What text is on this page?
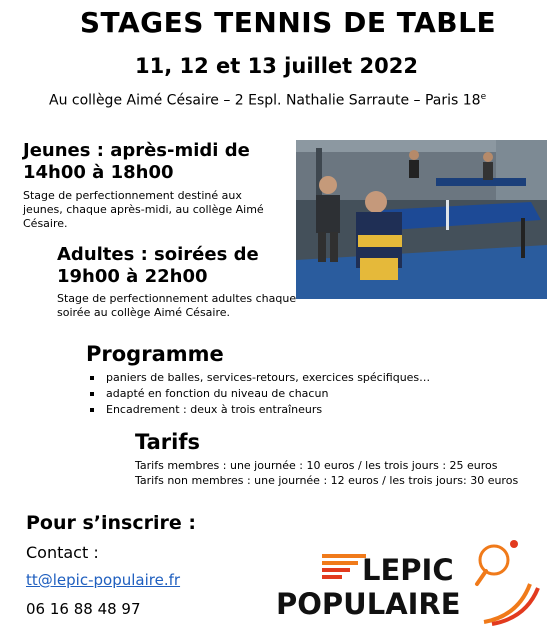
STAGES TENNIS DE TABLE
11, 12 et 13 juillet 2022
Au collège Aimé Césaire – 2 Espl. Nathalie Sarraute – Paris 18e
Jeunes : après-midi de
14h00 à 18h00
Stage de perfectionnement destiné aux jeunes, chaque après-midi, au collège Aimé Césaire.
Adultes : soirées de
19h00 à 22h00
Stage de perfectionnement adultes chaque soirée au collège Aimé Césaire.
Programme
paniers de balles, services-retours, exercices spécifiques…
adapté en fonction du niveau de chacun
Encadrement : deux à trois entraîneurs
Tarifs
Tarifs membres : une journée : 10 euros / les trois jours : 25 euros
Tarifs non membres : une journée : 12 euros / les trois jours: 30 euros
Pour s’inscrire :
Contact :
tt@lepic-populaire.fr
06 16 88 48 97
LEPIC
POPULAIRE
